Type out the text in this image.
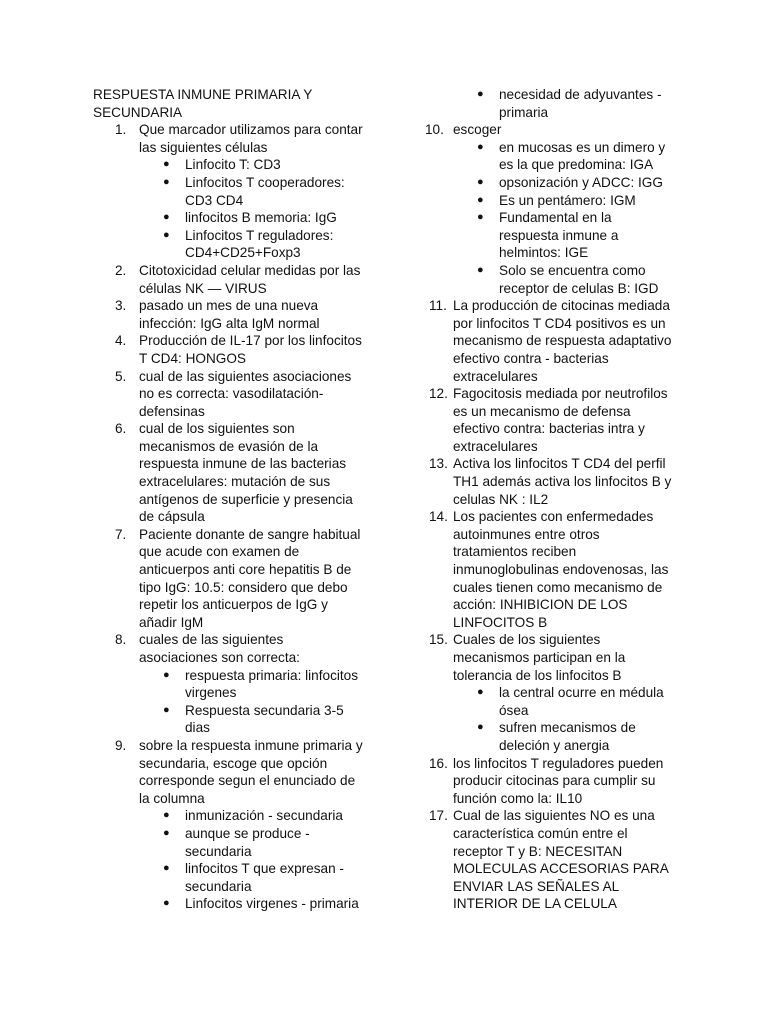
RESPUESTA INMUNE PRIMARIA Y SECUNDARIA
1. Que marcador utilizamos para contar las siguientes células
● Linfocito T: CD3
● Linfocitos T cooperadores: CD3 CD4
● linfocitos B memoria: IgG
● Linfocitos T reguladores: CD4+CD25+Foxp3
2. Citotoxicidad celular medidas por las células NK — VIRUS
3. pasado un mes de una nueva infección: IgG alta IgM normal
4. Producción de IL-17 por los linfocitos T CD4: HONGOS
5. cual de las siguientes asociaciones no es correcta: vasodilatación-defensinas
6. cual de los siguientes son mecanismos de evasión de la respuesta inmune de las bacterias extracelulares: mutación de sus antígenos de superficie y presencia de cápsula
7. Paciente donante de sangre habitual que acude con examen de anticuerpos anti core hepatitis B de tipo IgG: 10.5: considero que debo repetir los anticuerpos de IgG y añadir IgM
8. cuales de las siguientes asociaciones son correcta:
● respuesta primaria: linfocitos virgenes
● Respuesta secundaria 3-5 dias
9. sobre la respuesta inmune primaria y secundaria, escoge que opción corresponde segun el enunciado de la columna
● inmunización - secundaria
● aunque se produce - secundaria
● linfocitos T que expresan - secundaria
● Linfocitos virgenes - primaria
● necesidad de adyuvantes - primaria
10. escoger
● en mucosas es un dimero y es la que predomina: IGA
● opsonización y ADCC: IGG
● Es un pentámero: IGM
● Fundamental en la respuesta inmune a helmintos: IGE
● Solo se encuentra como receptor de celulas B: IGD
11. La producción de citocinas mediada por linfocitos T CD4 positivos es un mecanismo de respuesta adaptativo efectivo contra - bacterias extracelulares
12. Fagocitosis mediada por neutrofilos es un mecanismo de defensa efectivo contra: bacterias intra y extracelulares
13. Activa los linfocitos T CD4 del perfil TH1 además activa los linfocitos B y celulas NK : IL2
14. Los pacientes con enfermedades autoinmunes entre otros tratamientos reciben inmunoglobulinas endovenosas, las cuales tienen como mecanismo de acción: INHIBICION DE LOS LINFOCITOS B
15. Cuales de los siguientes mecanismos participan en la tolerancia de los linfocitos B
● la central ocurre en médula ósea
● sufren mecanismos de deleción y anergia
16. los linfocitos T reguladores pueden producir citocinas para cumplir su función como la: IL10
17. Cual de las siguientes NO es una característica común entre el receptor T y B: NECESITAN MOLECULAS ACCESORIAS PARA ENVIAR LAS SEÑALES AL INTERIOR DE LA CELULA
